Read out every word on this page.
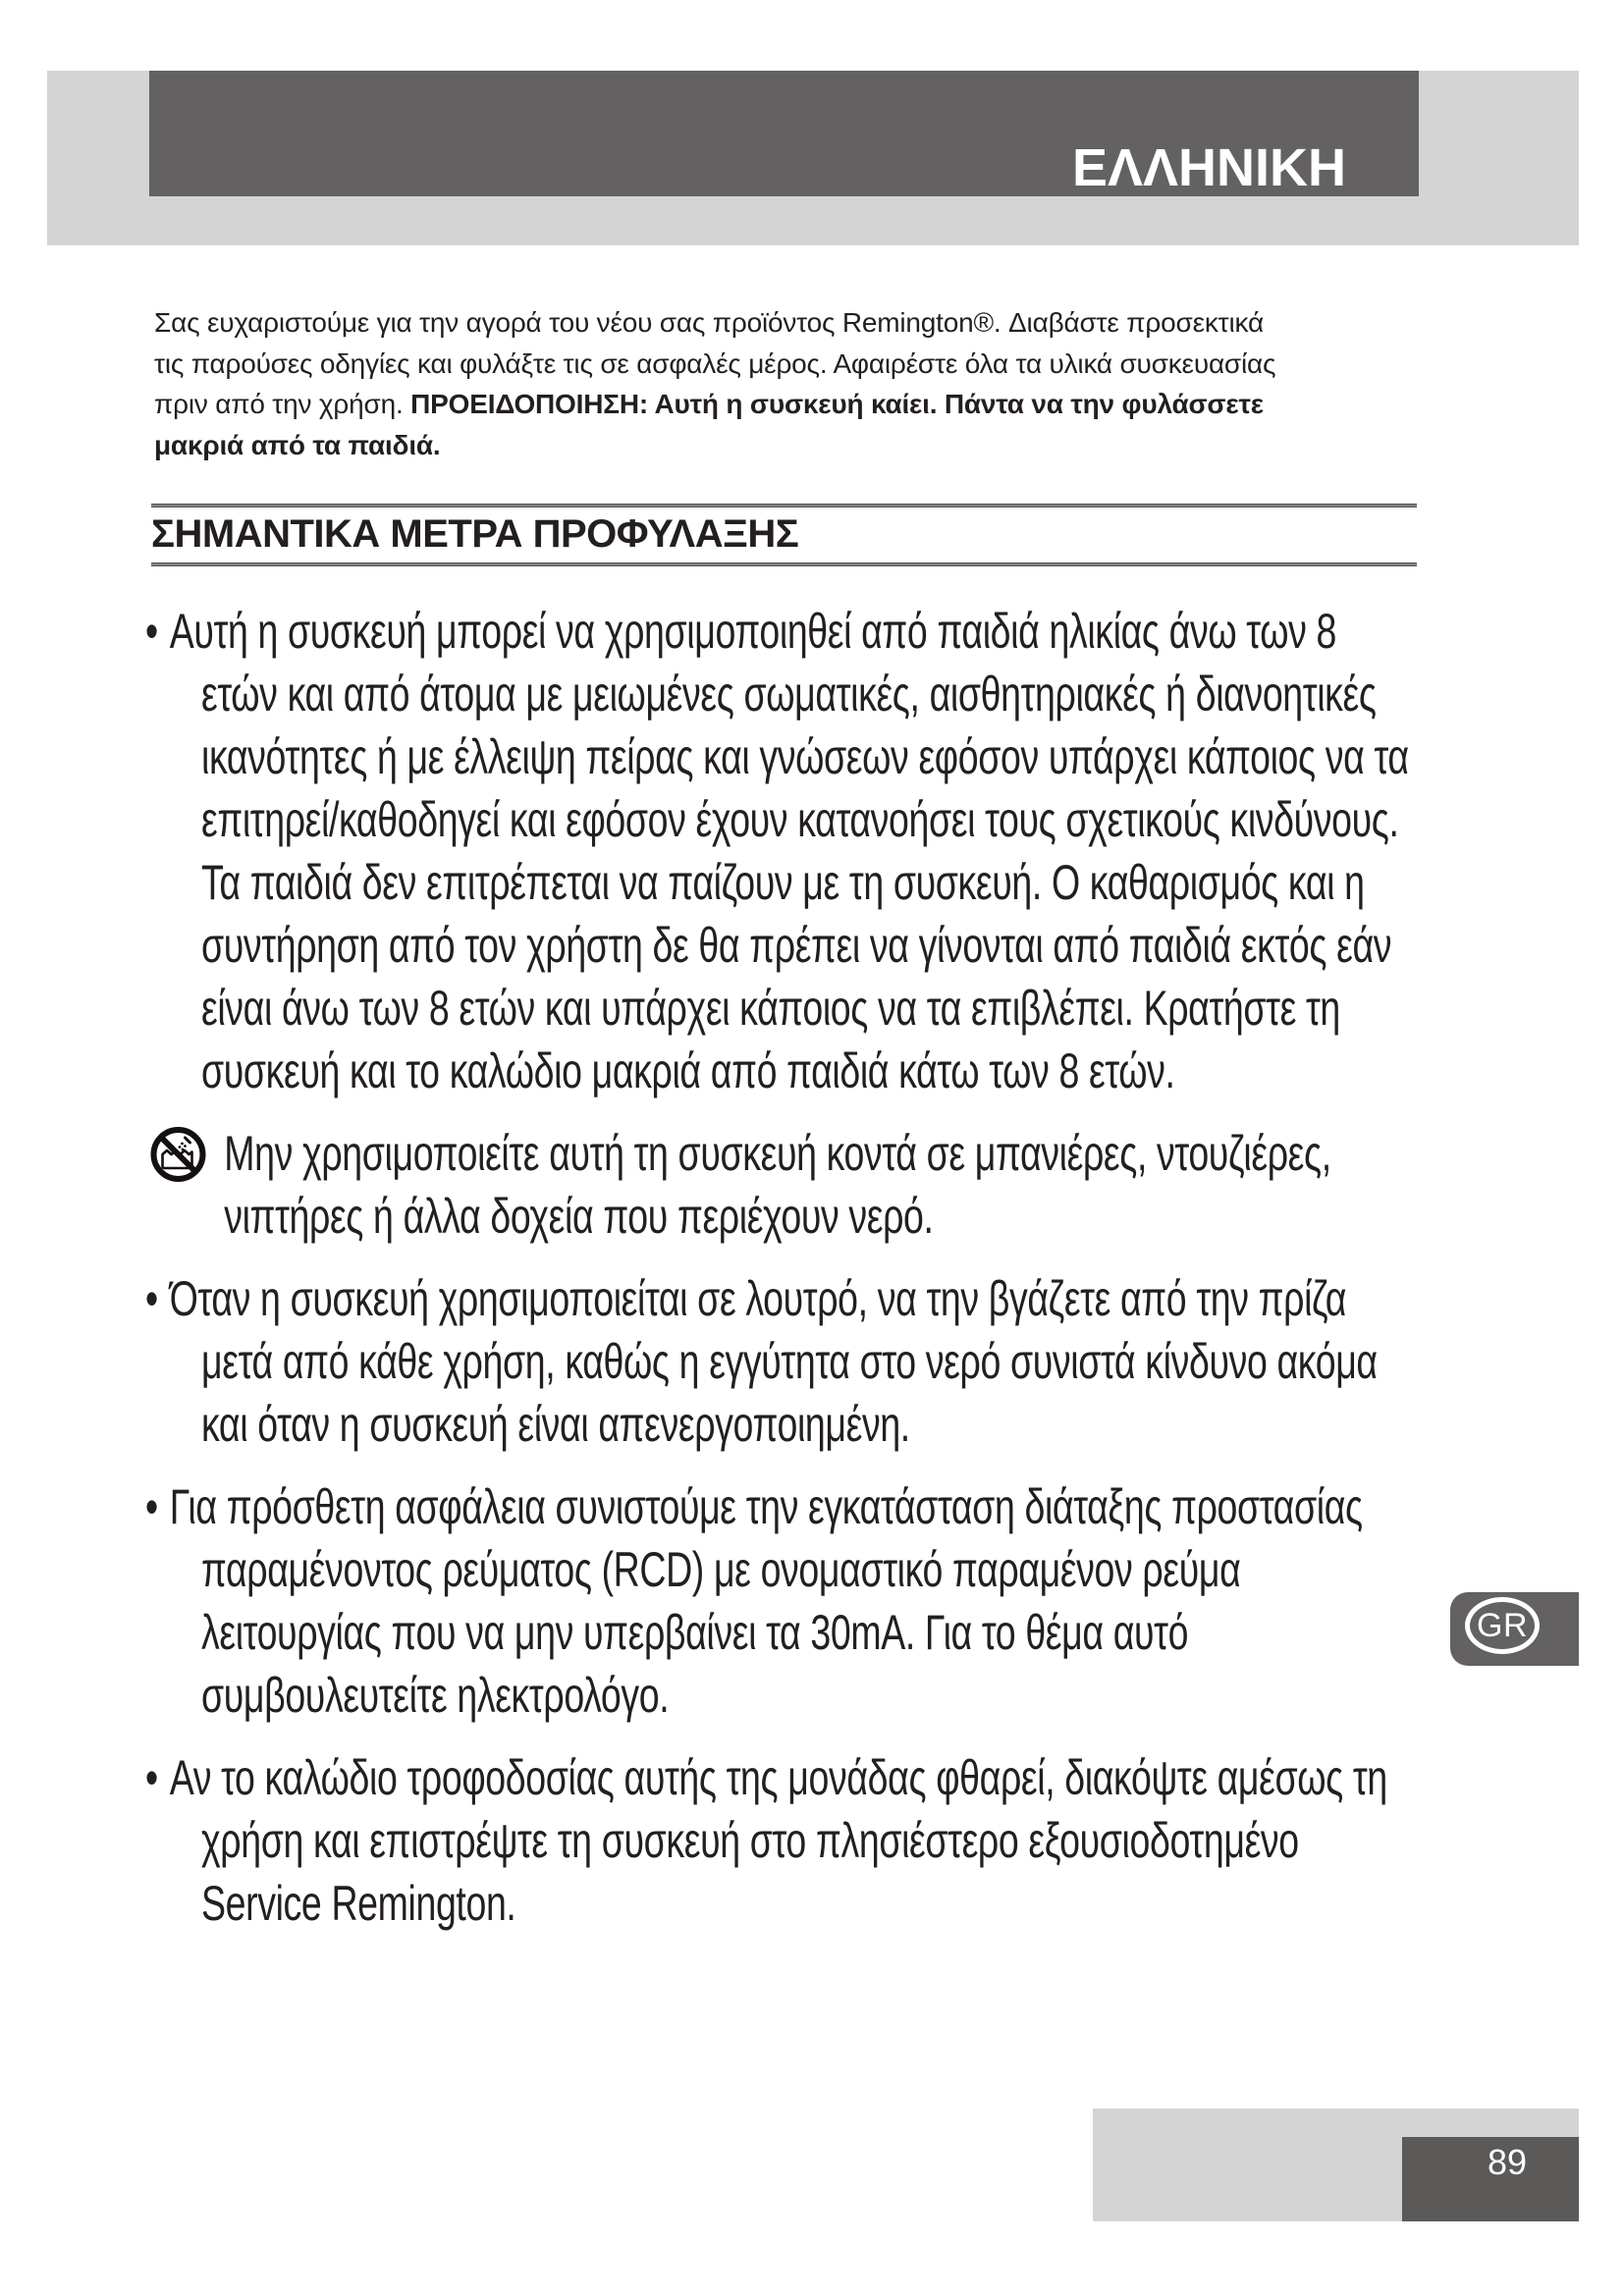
ΕΛΛΗΝΙΚΗ

Σας ευχαριστούμε για την αγορά του νέου σας προϊόντος Remington®. Διαβάστε προσεκτικά τις παρούσες οδηγίες και φυλάξτε τις σε ασφαλές μέρος. Αφαιρέστε όλα τα υλικά συσκευασίας πριν από την χρήση. ΠΡΟΕΙΔΟΠΟΙΗΣΗ: Αυτή η συσκευή καίει. Πάντα να την φυλάσσετε μακριά από τα παιδιά.

ΣΗΜΑΝΤΙΚΑ ΜΕΤΡΑ ΠΡΟΦΥΛΑΞΗΣ
• Αυτή η συσκευή μπορεί να χρησιμοποιηθεί από παιδιά ηλικίας άνω των 8 ετών και από άτομα με μειωμένες σωματικές, αισθητηριακές ή διανοητικές ικανότητες ή με έλλειψη πείρας και γνώσεων εφόσον υπάρχει κάποιος να τα επιτηρεί/καθοδηγεί και εφόσον έχουν κατανοήσει τους σχετικούς κινδύνους. Τα παιδιά δεν επιτρέπεται να παίζουν με τη συσκευή. Ο καθαρισμός και η συντήρηση από τον χρήστη δε θα πρέπει να γίνονται από παιδιά εκτός εάν είναι άνω των 8 ετών και υπάρχει κάποιος να τα επιβλέπει. Κρατήστε τη συσκευή και το καλώδιο μακριά από παιδιά κάτω των 8 ετών.
Μην χρησιμοποιείτε αυτή τη συσκευή κοντά σε μπανιέρες, ντουζιέρες, νιπτήρες ή άλλα δοχεία που περιέχουν νερό.
• Όταν η συσκευή χρησιμοποιείται σε λουτρό, να την βγάζετε από την πρίζα μετά από κάθε χρήση, καθώς η εγγύτητα στο νερό συνιστά κίνδυνο ακόμα και όταν η συσκευή είναι απενεργοποιημένη.
• Για πρόσθετη ασφάλεια συνιστούμε την εγκατάσταση διάταξης προστασίας παραμένοντος ρεύματος (RCD) με ονομαστικό παραμένον ρεύμα λειτουργίας που να μην υπερβαίνει τα 30mA. Για το θέμα αυτό συμβουλευτείτε ηλεκτρολόγο.
• Αν το καλώδιο τροφοδοσίας αυτής της μονάδας φθαρεί, διακόψτε αμέσως τη χρήση και επιστρέψτε τη συσκευή στο πλησιέστερο εξουσιοδοτημένο Service Remington.
GR
89
